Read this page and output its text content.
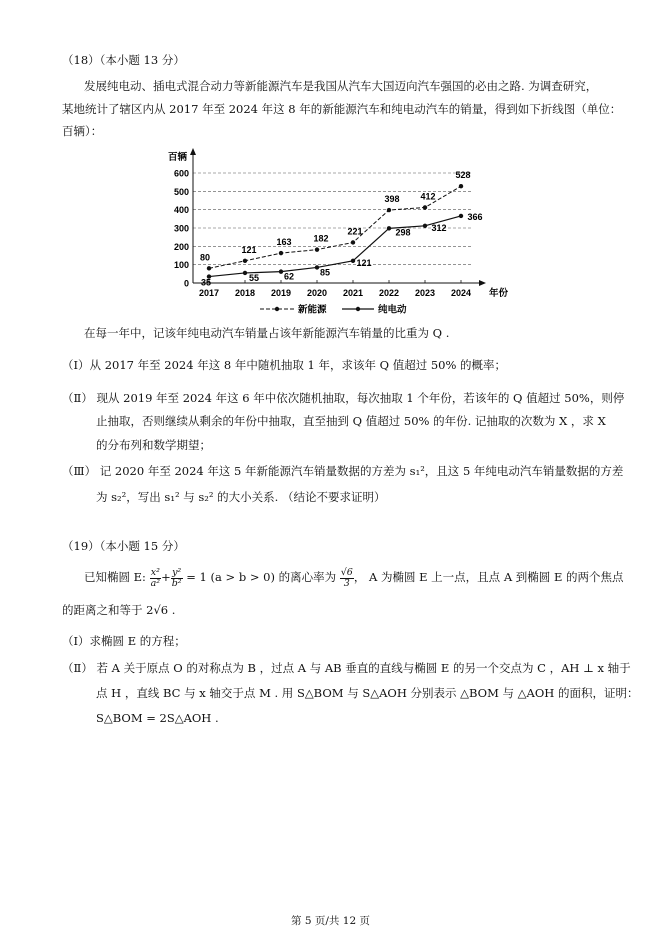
（18）（本小题 13 分）
发展纯电动、插电式混合动力等新能源汽车是我国从汽车大国迈向汽车强国的必由之路. 为调查研究，
某地统计了辖区内从 2017 年至 2024 年这 8 年的新能源汽车和纯电动汽车的销量，得到如下折线图（单位：
百辆）：
0
100
200
300
400
500
600
百辆
年份
2017 2018 2019 2020 2021 2022 2023 2024
80
121
163 182
221
398 412
528
35	55	62	85
121
298 312
366
新能源	纯电动
在每一年中，记该年纯电动汽车销量占该年新能源汽车销量的比重为 Q .
（Ⅰ）从 2017 年至 2024 年这 8 年中随机抽取 1 年，求该年 Q 值超过 50% 的概率；
（Ⅱ） 现从 2019 年至 2024 年这 6 年中依次随机抽取，每次抽取 1 个年份，若该年的 Q 值超过 50%，则停
止抽取，否则继续从剩余的年份中抽取，直至抽到 Q 值超过 50% 的年份. 记抽取的次数为 X ，求 X
的分布列和数学期望；
（Ⅲ） 记 2020 年至 2024 年这 5 年新能源汽车销量数据的方差为 s₁²，且这 5 年纯电动汽车销量数据的方差
为 s₂²，写出 s₁² 与 s₂² 的大小关系. （结论不要求证明）
（19）（本小题 15 分）
已知椭圆 E: $\frac{\text{x²}}{\text{a²}} + \frac{\text{y²}}{\text{b²}} = 1$ (a > b > 0) 的离心率为 $\frac{√6}{3}$ ， A 为椭圆 E 上一点，且点 A 到椭圆 E 的两个焦点
的距离之和等于 2√6 .
（Ⅰ）求椭圆 E 的方程；
（Ⅱ） 若 A 关于原点 O 的对称点为 B ，过点 A 与 AB 垂直的直线与椭圆 E 的另一个交点为 C ，AH ⊥ x 轴于
点 H ，直线 BC 与 x 轴交于点 M . 用 S△BOM 与 S△AOH 分别表示 △BOM 与 △AOH 的面积，证明：
S△BOM = 2S△AOH .
第 5 页/共 12 页
